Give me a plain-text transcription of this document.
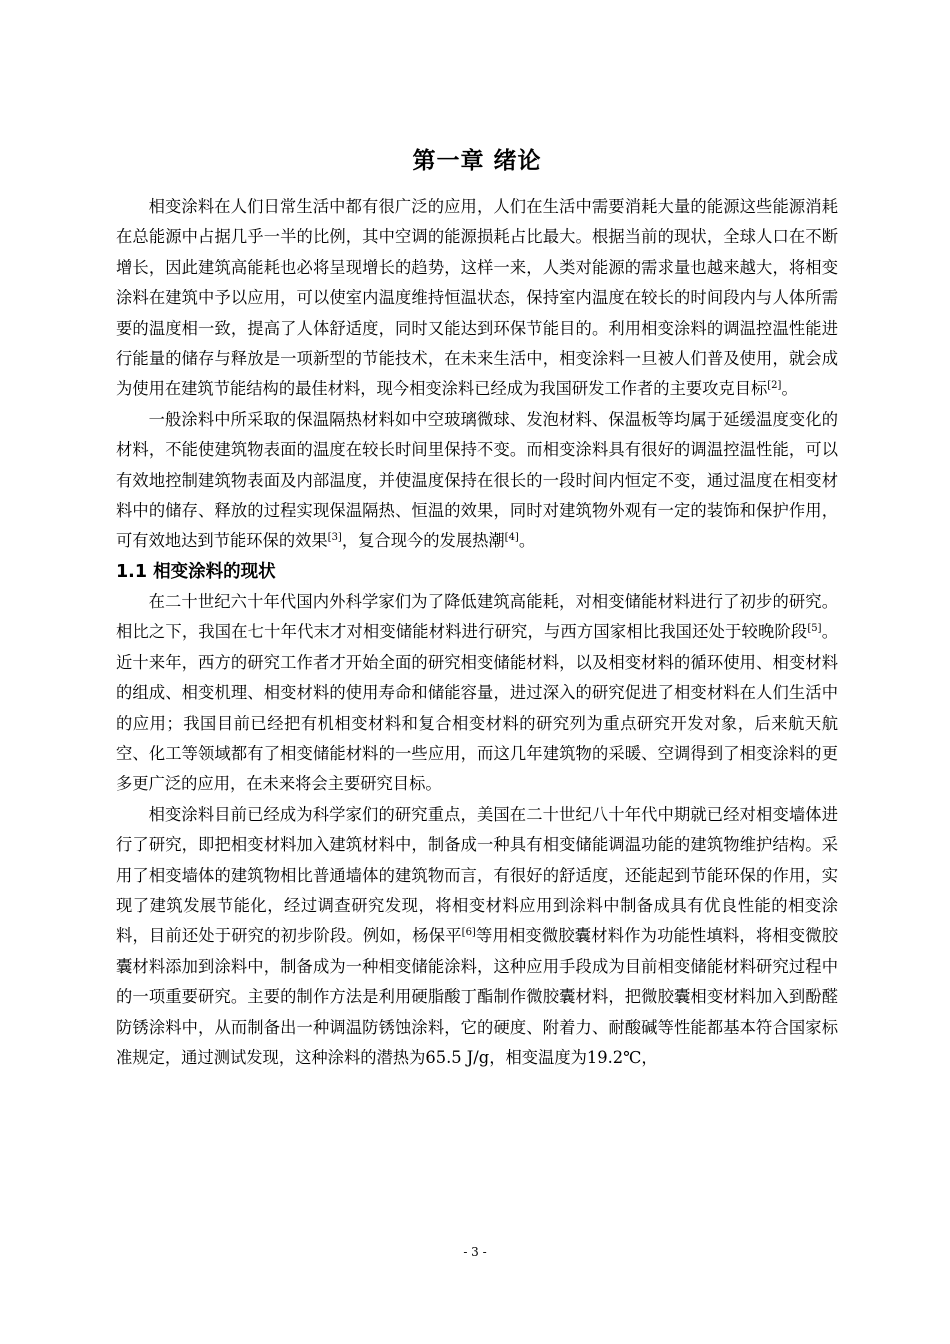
第一章 绪论

相变涂料在人们日常生活中都有很广泛的应用，人们在生活中需要消耗大量的能源这些能源消耗在总能源中占据几乎一半的比例，其中空调的能源损耗占比最大。根据当前的现状，全球人口在不断增长，因此建筑高能耗也必将呈现增长的趋势，这样一来，人类对能源的需求量也越来越大，将相变涂料在建筑中予以应用，可以使室内温度维持恒温状态，保持室内温度在较长的时间段内与人体所需要的温度相一致，提高了人体舒适度，同时又能达到环保节能目的。利用相变涂料的调温控温性能进行能量的储存与释放是一项新型的节能技术，在未来生活中，相变涂料一旦被人们普及使用，就会成为使用在建筑节能结构的最佳材料，现今相变涂料已经成为我国研发工作者的主要攻克目标[2]。

一般涂料中所采取的保温隔热材料如中空玻璃微球、发泡材料、保温板等均属于延缓温度变化的材料，不能使建筑物表面的温度在较长时间里保持不变。而相变涂料具有很好的调温控温性能，可以有效地控制建筑物表面及内部温度，并使温度保持在很长的一段时间内恒定不变，通过温度在相变材料中的储存、释放的过程实现保温隔热、恒温的效果，同时对建筑物外观有一定的装饰和保护作用，可有效地达到节能环保的效果[3]，复合现今的发展热潮[4]。

1.1 相变涂料的现状

在二十世纪六十年代国内外科学家们为了降低建筑高能耗，对相变储能材料进行了初步的研究。相比之下，我国在七十年代末才对相变储能材料进行研究，与西方国家相比我国还处于较晚阶段[5]。近十来年，西方的研究工作者才开始全面的研究相变储能材料，以及相变材料的循环使用、相变材料的组成、相变机理、相变材料的使用寿命和储能容量，进过深入的研究促进了相变材料在人们生活中的应用；我国目前已经把有机相变材料和复合相变材料的研究列为重点研究开发对象，后来航天航空、化工等领域都有了相变储能材料的一些应用，而这几年建筑物的采暖、空调得到了相变涂料的更多更广泛的应用，在未来将会主要研究目标。

相变涂料目前已经成为科学家们的研究重点，美国在二十世纪八十年代中期就已经对相变墙体进行了研究，即把相变材料加入建筑材料中，制备成一种具有相变储能调温功能的建筑物维护结构。采用了相变墙体的建筑物相比普通墙体的建筑物而言，有很好的舒适度，还能起到节能环保的作用，实现了建筑发展节能化，经过调查研究发现，将相变材料应用到涂料中制备成具有优良性能的相变涂料，目前还处于研究的初步阶段。例如，杨保平[6]等用相变微胶囊材料作为功能性填料，将相变微胶囊材料添加到涂料中，制备成为一种相变储能涂料，这种应用手段成为目前相变储能材料研究过程中的一项重要研究。主要的制作方法是利用硬脂酸丁酯制作微胶囊材料，把微胶囊相变材料加入到酚醛防锈涂料中，从而制备出一种调温防锈蚀涂料，它的硬度、附着力、耐酸碱等性能都基本符合国家标准规定，通过测试发现，这种涂料的潜热为65.5 J/g，相变温度为19.2℃，

- 3 -
